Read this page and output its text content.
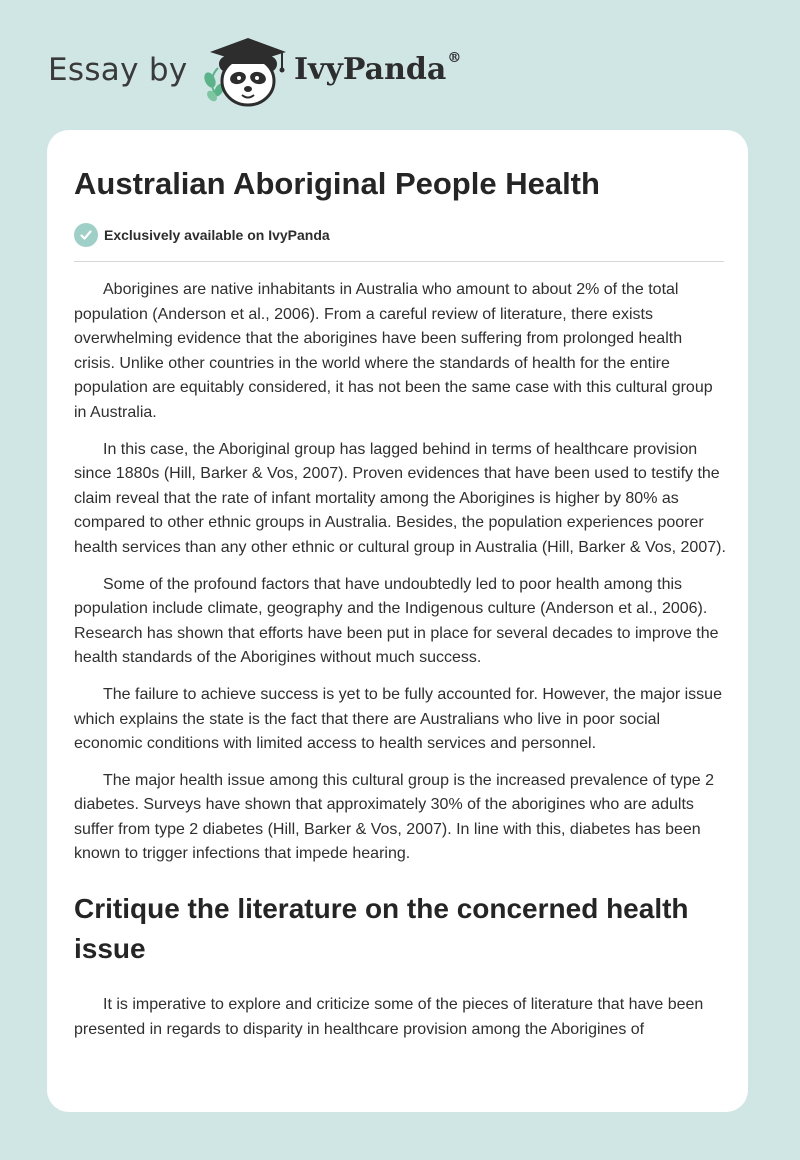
Essay by	IvyPanda®
Australian Aboriginal People Health
Exclusively available on IvyPanda

Aborigines are native inhabitants in Australia who amount to about 2% of the total population (Anderson et al., 2006). From a careful review of literature, there exists overwhelming evidence that the aborigines have been suffering from prolonged health crisis. Unlike other countries in the world where the standards of health for the entire population are equitably considered, it has not been the same case with this cultural group in Australia.

In this case, the Aboriginal group has lagged behind in terms of healthcare provision since 1880s (Hill, Barker & Vos, 2007). Proven evidences that have been used to testify the claim reveal that the rate of infant mortality among the Aborigines is higher by 80% as compared to other ethnic groups in Australia. Besides, the population experiences poorer health services than any other ethnic or cultural group in Australia (Hill, Barker & Vos, 2007).

Some of the profound factors that have undoubtedly led to poor health among this population include climate, geography and the Indigenous culture (Anderson et al., 2006). Research has shown that efforts have been put in place for several decades to improve the health standards of the Aborigines without much success.

The failure to achieve success is yet to be fully accounted for. However, the major issue which explains the state is the fact that there are Australians who live in poor social economic conditions with limited access to health services and personnel.

The major health issue among this cultural group is the increased prevalence of type 2 diabetes. Surveys have shown that approximately 30% of the aborigines who are adults suffer from type 2 diabetes (Hill, Barker & Vos, 2007). In line with this, diabetes has been known to trigger infections that impede hearing.

Critique the literature on the concerned health issue

It is imperative to explore and criticize some of the pieces of literature that have been presented in regards to disparity in healthcare provision among the Aborigines of
